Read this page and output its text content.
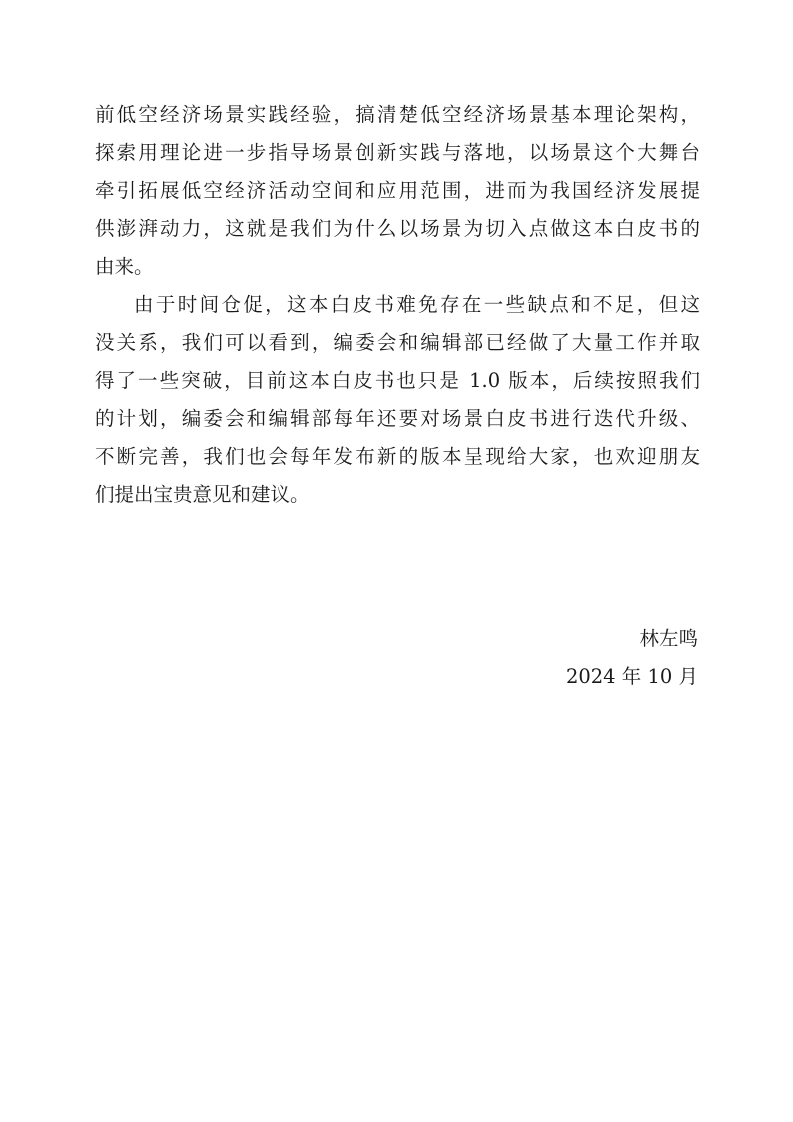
前低空经济场景实践经验，搞清楚低空经济场景基本理论架构，
探索用理论进一步指导场景创新实践与落地，以场景这个大舞台
牵引拓展低空经济活动空间和应用范围，进而为我国经济发展提
供澎湃动力，这就是我们为什么以场景为切入点做这本白皮书的
由来。
由于时间仓促，这本白皮书难免存在一些缺点和不足，但这
没关系，我们可以看到，编委会和编辑部已经做了大量工作并取
得了一些突破，目前这本白皮书也只是 1.0 版本，后续按照我们
的计划，编委会和编辑部每年还要对场景白皮书进行迭代升级、
不断完善，我们也会每年发布新的版本呈现给大家，也欢迎朋友
们提出宝贵意见和建议。
林左鸣
2024 年 10 月
